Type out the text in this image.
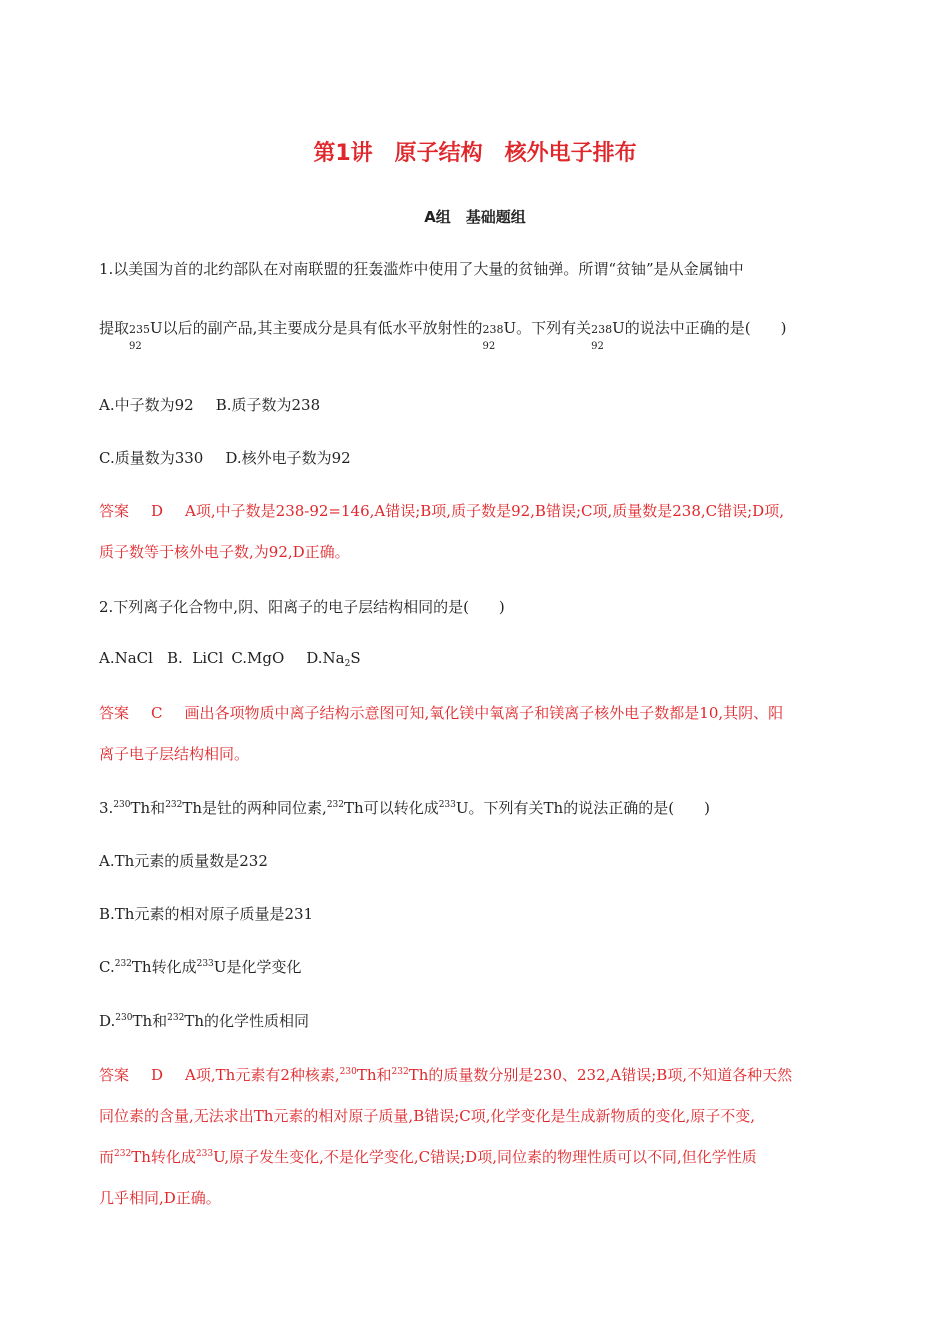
第1讲　原子结构　核外电子排布
A组　基础题组
1.以美国为首的北约部队在对南联盟的狂轰滥炸中使用了大量的贫铀弹。所谓“贫铀”是从金属铀中
提取235U
92
以后的副产品,其主要成分是具有低水平放射性的238U
92
。下列有关238U
92
的说法中正确的是(　　)
A.中子数为92 B.质子数为238
C.质量数为330 D.核外电子数为92
答案 D A项,中子数是238-92=146,A错误;B项,质子数是92,B错误;C项,质量数是238,C错误;D项,
质子数等于核外电子数,为92,D正确。
2.下列离子化合物中,阴、阳离子的电子层结构相同的是(　　)
A.NaCl B.  LiCl C.MgO $D.Na_2S$
答案 C 画出各项物质中离子结构示意图可知,氧化镁中氧离子和镁离子核外电子数都是10,其阴、阳
离子电子层结构相同。
3.$^{230}$Th和$^{232}$Th是钍的两种同位素,$^{232}$Th可以转化成$^{233}$U。下列有关Th的说法正确的是(　　)
A.Th元素的质量数是232
B.Th元素的相对原子质量是231
C.$^{232}$Th转化成$^{233}$U是化学变化
D.$^{230}$Th和$^{232}$Th的化学性质相同
答案 D A项,Th元素有2种核素,$^{230}$Th和$^{232}$Th的质量数分别是230、232,A错误;B项,不知道各种天然
同位素的含量,无法求出Th元素的相对原子质量,B错误;C项,化学变化是生成新物质的变化,原子不变,
而$^{232}$Th转化成$^{233}$U,原子发生变化,不是化学变化,C错误;D项,同位素的物理性质可以不同,但化学性质
几乎相同,D正确。
